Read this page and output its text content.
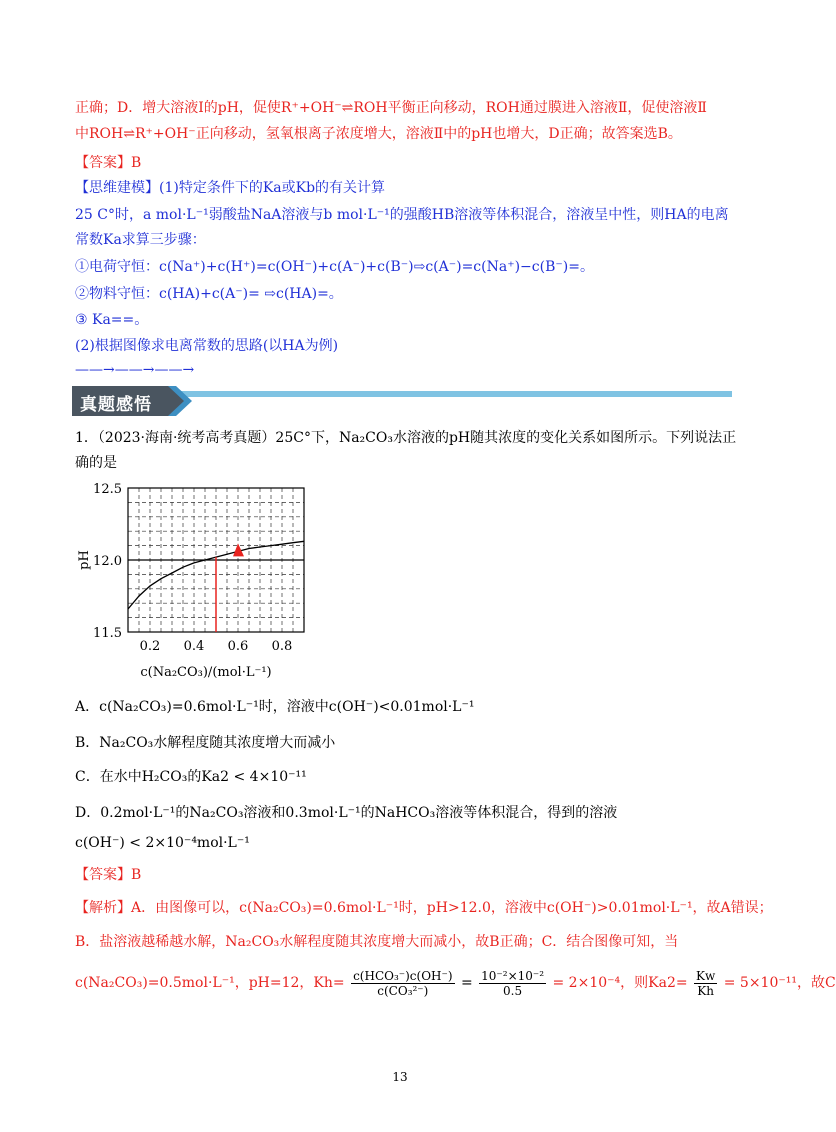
正确；D．增大溶液Ⅰ的pH，促使R⁺+OH⁻⇌ROH平衡正向移动，ROH通过膜进入溶液Ⅱ，促使溶液Ⅱ
中ROH⇌R⁺+OH⁻正向移动，氢氧根离子浓度增大，溶液Ⅱ中的pH也增大，D正确；故答案选B。
【答案】B
【思维建模】(1)特定条件下的Ka或Kb的有关计算
25 C°时，a mol·L⁻¹弱酸盐NaA溶液与b mol·L⁻¹的强酸HB溶液等体积混合，溶液呈中性，则HA的电离
常数Ka求算三步骤：
①电荷守恒：c(Na⁺)+c(H⁺)=c(OH⁻)+c(A⁻)+c(B⁻)⇨c(A⁻)=c(Na⁺)−c(B⁻)=。
②物料守恒：c(HA)+c(A⁻)= ⇨c(HA)=。
③ Ka==。
(2)根据图像求电离常数的思路(以HA为例)
——→——→——→
真题感悟
1．（2023·海南·统考高考真题）25C°下，Na₂CO₃水溶液的pH随其浓度的变化关系如图所示。下列说法正
确的是
0.2 0.4 0.6 0.8
11.5
12.0
12.5
pH
c(Na₂CO₃)/(mol·L⁻¹)
A．c(Na₂CO₃)=0.6mol·L⁻¹时，溶液中c(OH⁻)<0.01mol·L⁻¹
B．Na₂CO₃水解程度随其浓度增大而减小
C．在水中H₂CO₃的Ka2 < 4×10⁻¹¹
D．0.2mol·L⁻¹的Na₂CO₃溶液和0.3mol·L⁻¹的NaHCO₃溶液等体积混合，得到的溶液
c(OH⁻) < 2×10⁻⁴mol·L⁻¹
【答案】B
【解析】A．由图像可以，c(Na₂CO₃)=0.6mol·L⁻¹时，pH>12.0，溶液中c(OH⁻)>0.01mol·L⁻¹，故A错误；
B．盐溶液越稀越水解，Na₂CO₃水解程度随其浓度增大而减小，故B正确；C．结合图像可知，当
c(Na₂CO₃)=0.5mol·L⁻¹，pH=12，$Kh= \frac{\text{c(HCO₃⁻)c(OH⁻)}}{\text{c(CO₃²⁻)}} = \frac{\text{10⁻²×10⁻²}}{0.5} = 2\times 10^{-4}$，则$Ka2= \frac{Kw}{Kh} = 5\times 10^{-11}$，故C
13
